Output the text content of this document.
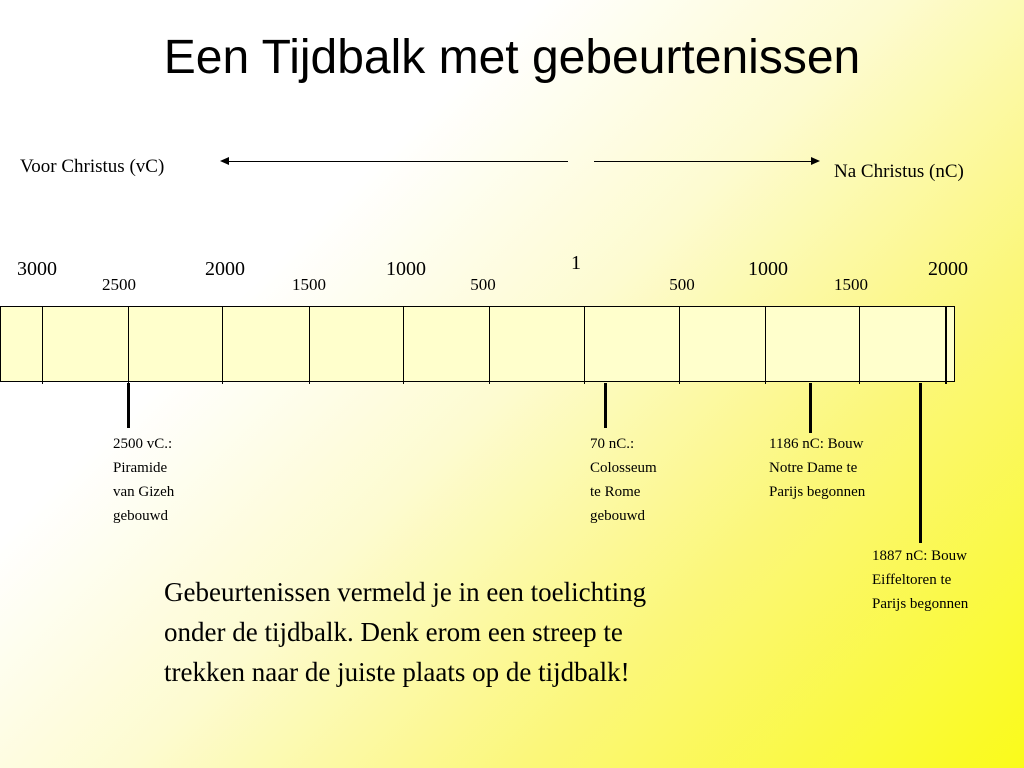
Een Tijdbalk met gebeurtenissen
Voor Christus (vC)	Na Christus (nC)
3000
2500
2000
1500
1000
500
1
500
1000
1500
2000
2500 vC.:
Piramide
van Gizeh
gebouwd
70 nC.:
Colosseum
te Rome
gebouwd
1186 nC: Bouw
Notre Dame te
Parijs begonnen
1887 nC: Bouw
Eiffeltoren te
Parijs begonnen
Gebeurtenissen vermeld je in een toelichting
onder de tijdbalk. Denk erom een streep te
trekken naar de juiste plaats op de tijdbalk!
